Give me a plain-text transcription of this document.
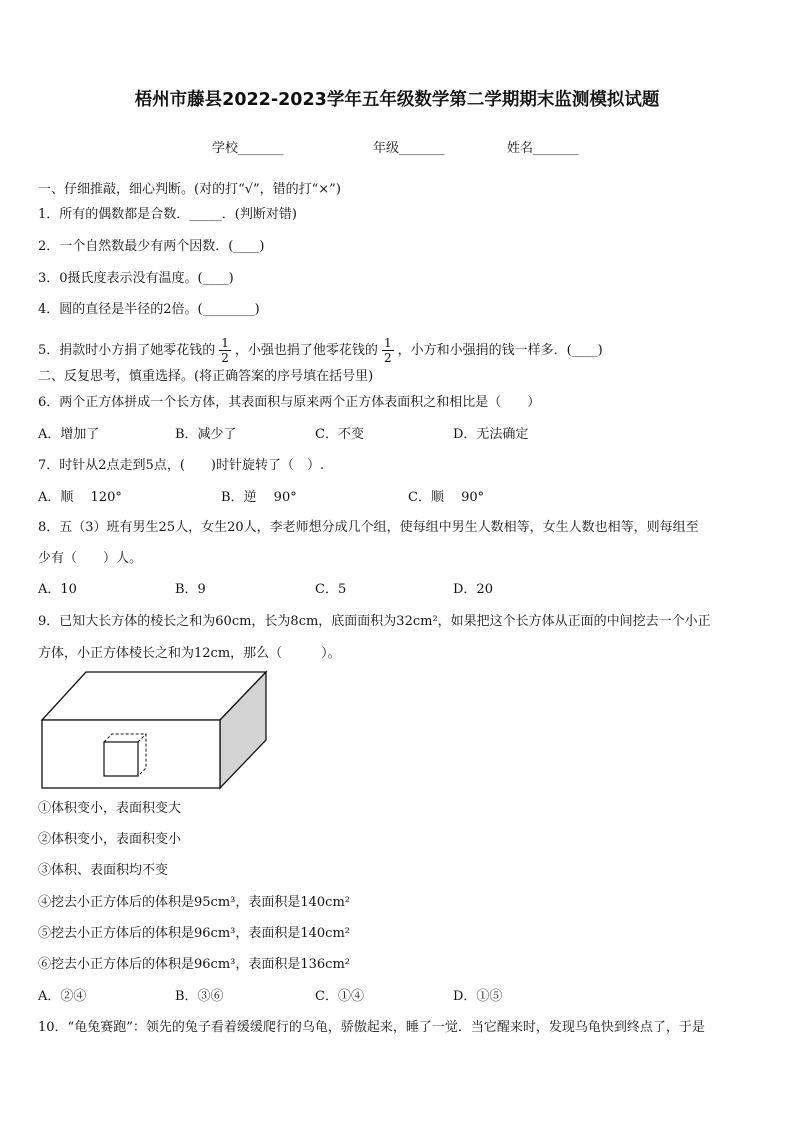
梧州市藤县2022-2023学年五年级数学第二学期期末监测模拟试题
学校_______	年级_______	姓名_______
一、仔细推敲，细心判断。(对的打“√”，错的打“×”)
1．所有的偶数都是合数．_____．(判断对错)
2．一个自然数最少有两个因数．(____)
3．0摄氏度表示没有温度。(____)
4．圆的直径是半径的2倍。(________)
5．捐款时小方捐了她零花钱的 $\frac{1}{2}$ ，小强也捐了他零花钱的 $\frac{1}{2}$ ，小方和小强捐的钱一样多．(____)
二、反复思考，慎重选择。(将正确答案的序号填在括号里)
6．两个正方体拼成一个长方体，其表面积与原来两个正方体表面积之和相比是（　　）
A．增加了	B．减少了	C．不变	D．无法确定
7．时针从2点走到5点，(　　)时针旋转了（　）.
A．顺　 120°	B．逆　 90°	C．顺　 90°
8．五（3）班有男生25人，女生20人，李老师想分成几个组，使每组中男生人数相等，女生人数也相等，则每组至
少有（　　）人。
A．10	B．9	C．5	D．20
9．已知大长方体的棱长之和为60cm，长为8cm，底面面积为32cm²，如果把这个长方体从正面的中间挖去一个小正
方体，小正方体棱长之和为12cm，那么（　　　）。
①体积变小，表面积变大
②体积变小，表面积变小
③体积、表面积均不变
④挖去小正方体后的体积是95cm³，表面积是140cm²
⑤挖去小正方体后的体积是96cm³，表面积是140cm²
⑥挖去小正方体后的体积是96cm³，表面积是136cm²
A．②④	B．③⑥	C．①④	D．①⑤
10．“龟兔赛跑”：领先的兔子看着缓缓爬行的乌龟，骄傲起来，睡了一觉．当它醒来时，发现乌龟快到终点了，于是
